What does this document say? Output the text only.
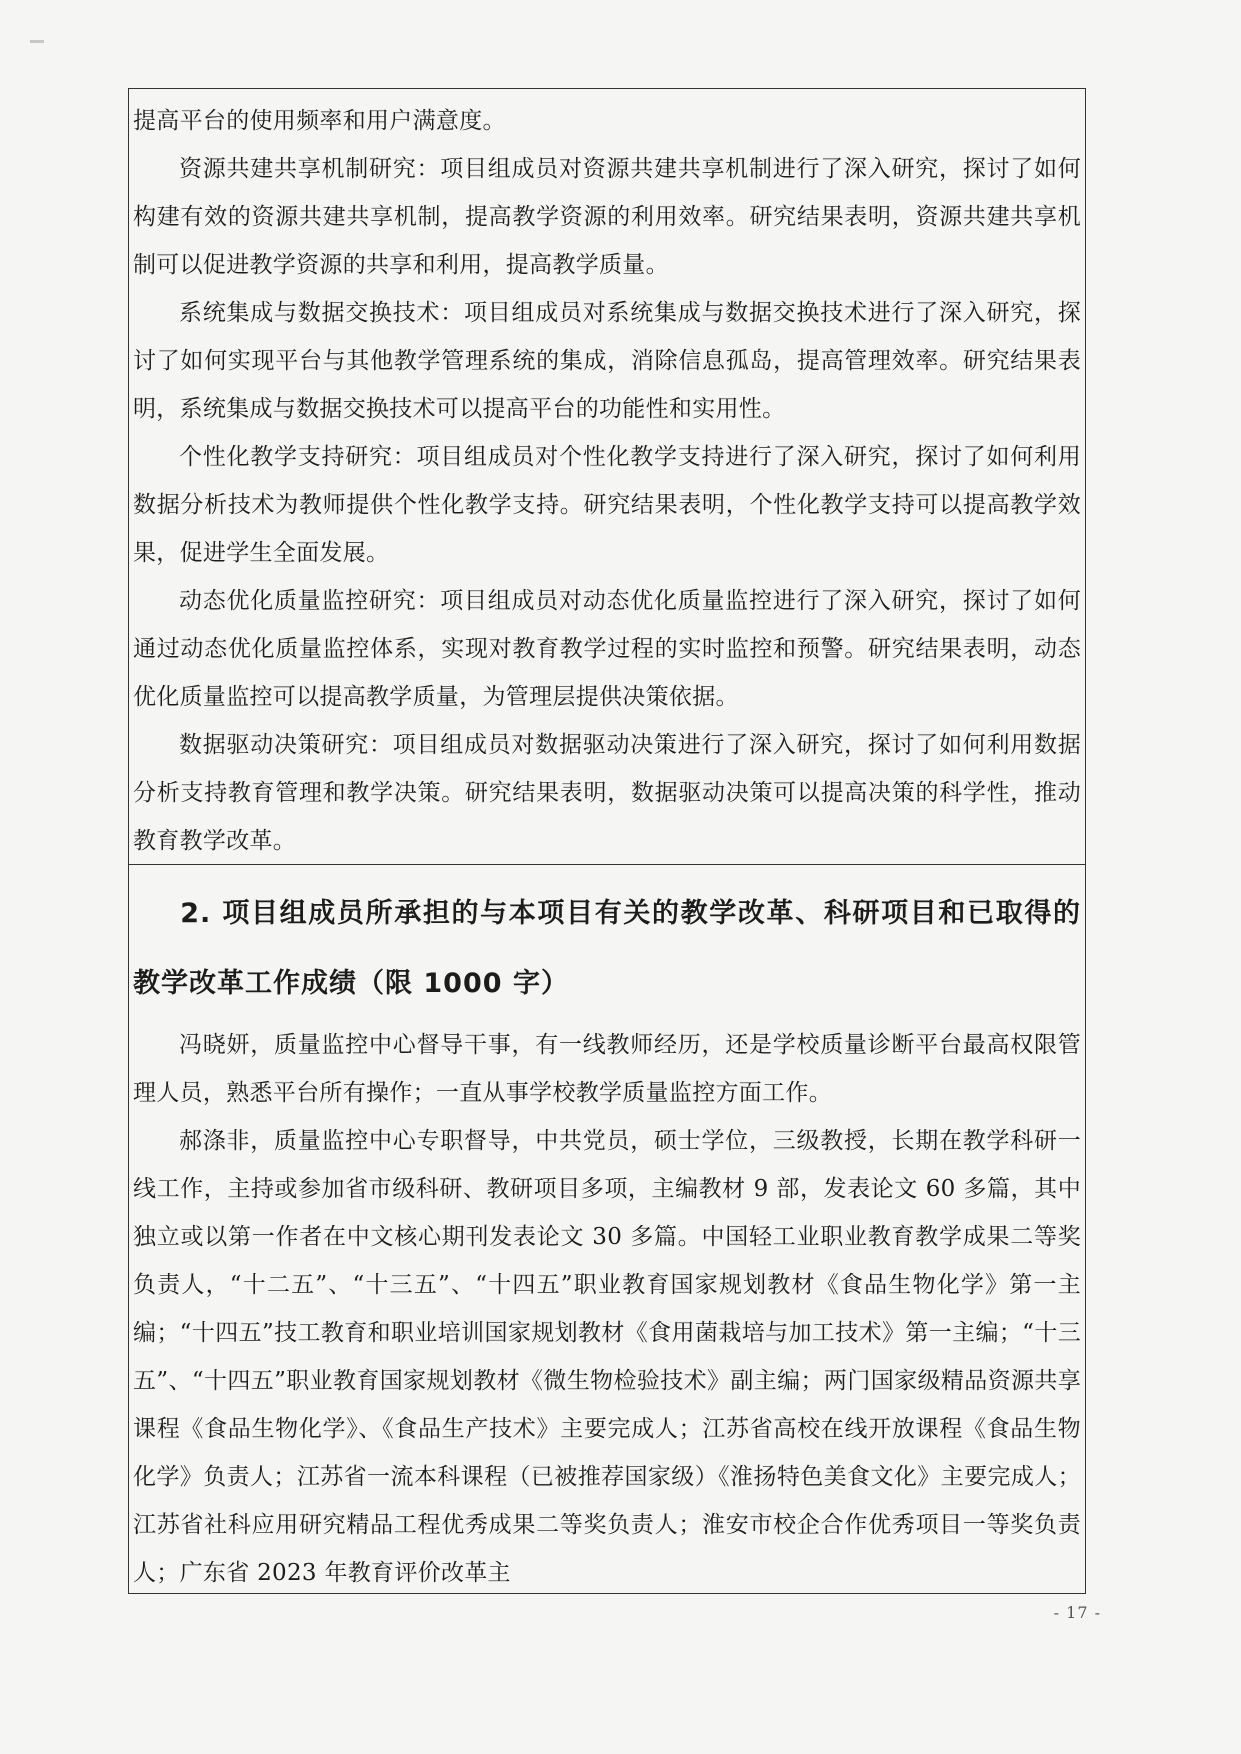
提高平台的使用频率和用户满意度。

资源共建共享机制研究：项目组成员对资源共建共享机制进行了深入研究，探讨了如何构建有效的资源共建共享机制，提高教学资源的利用效率。研究结果表明，资源共建共享机制可以促进教学资源的共享和利用，提高教学质量。

系统集成与数据交换技术：项目组成员对系统集成与数据交换技术进行了深入研究，探讨了如何实现平台与其他教学管理系统的集成，消除信息孤岛，提高管理效率。研究结果表明，系统集成与数据交换技术可以提高平台的功能性和实用性。

个性化教学支持研究：项目组成员对个性化教学支持进行了深入研究，探讨了如何利用数据分析技术为教师提供个性化教学支持。研究结果表明，个性化教学支持可以提高教学效果，促进学生全面发展。

动态优化质量监控研究：项目组成员对动态优化质量监控进行了深入研究，探讨了如何通过动态优化质量监控体系，实现对教育教学过程的实时监控和预警。研究结果表明，动态优化质量监控可以提高教学质量，为管理层提供决策依据。

数据驱动决策研究：项目组成员对数据驱动决策进行了深入研究，探讨了如何利用数据分析支持教育管理和教学决策。研究结果表明，数据驱动决策可以提高决策的科学性，推动教育教学改革。

2. 项目组成员所承担的与本项目有关的教学改革、科研项目和已取得的教学改革工作成绩（限 1000 字）

冯晓妍，质量监控中心督导干事，有一线教师经历，还是学校质量诊断平台最高权限管理人员，熟悉平台所有操作；一直从事学校教学质量监控方面工作。

郝涤非，质量监控中心专职督导，中共党员，硕士学位，三级教授，长期在教学科研一线工作，主持或参加省市级科研、教研项目多项，主编教材 9 部，发表论文 60 多篇，其中独立或以第一作者在中文核心期刊发表论文 30 多篇。中国轻工业职业教育教学成果二等奖负责人，“十二五”、“十三五”、“十四五”职业教育国家规划教材《食品生物化学》第一主编；“十四五”技工教育和职业培训国家规划教材《食用菌栽培与加工技术》第一主编；“十三五”、“十四五”职业教育国家规划教材《微生物检验技术》副主编；两门国家级精品资源共享课程《食品生物化学》、《食品生产技术》主要完成人；江苏省高校在线开放课程《食品生物化学》负责人；江苏省一流本科课程（已被推荐国家级）《淮扬特色美食文化》主要完成人；江苏省社科应用研究精品工程优秀成果二等奖负责人；淮安市校企合作优秀项目一等奖负责人；广东省 2023 年教育评价改革主

- 17 -
